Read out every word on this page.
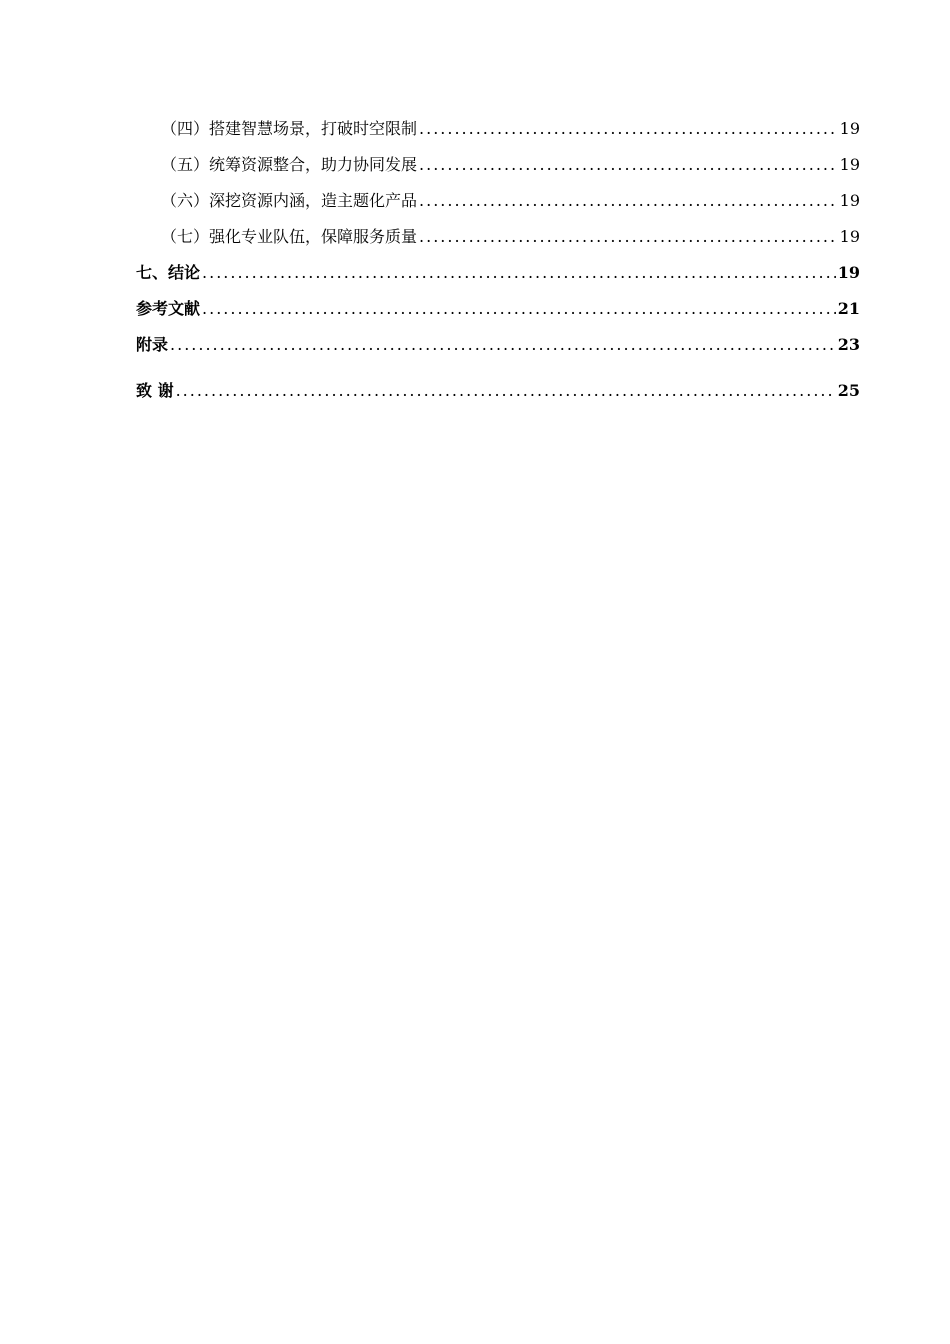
（四）搭建智慧场景，打破时空限制 .....	19
（五）统筹资源整合，助力协同发展 .....	19
（六）深挖资源内涵，造主题化产品 .....	19
（七）强化专业队伍，保障服务质量 .....	19
七、结论 .....	19
参考文献 .....	21
附录 .....	23
致 谢 .....	25
